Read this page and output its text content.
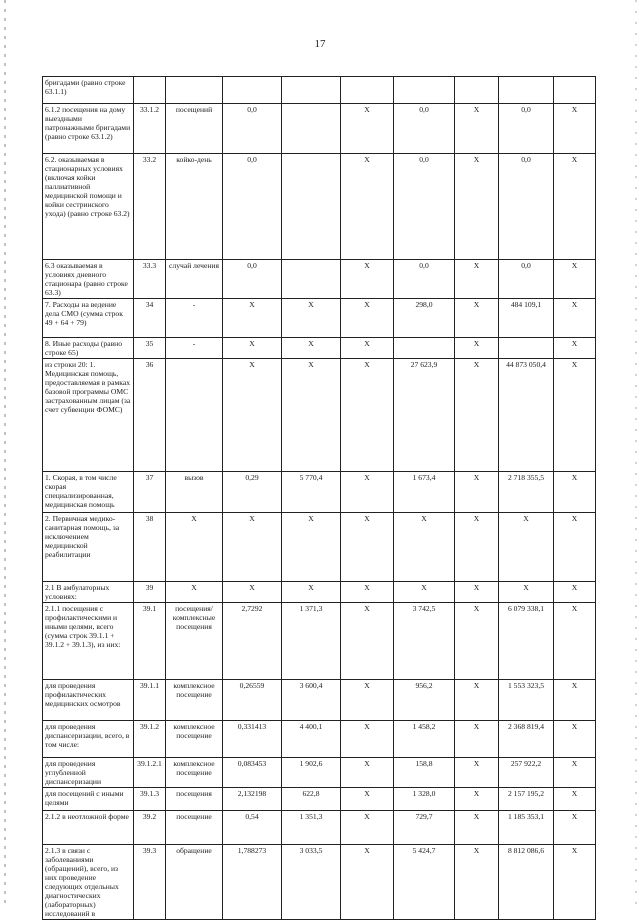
17
бригадами (равно строке 63.1.1)									
6.1.2 посещения на дому выездными патронажными бригадами (равно строке 63.1.2)	33.1.2	посещений	0,0		Х	0,0	Х	0,0	Х
6.2. оказываемая в стационарных условиях (включая койки паллиативной медицинской помощи и койки сестринского ухода) (равно строке 63.2)	33.2	койко-день	0,0		Х	0,0	Х	0,0	Х
6.3 оказываемая в условиях дневного стационара (равно строке 63.3)	33.3	случай лечения	0,0		Х	0,0	Х	0,0	Х
7. Расходы на ведение дела СМО (сумма строк 49 + 64 + 79)	34	-	Х	Х	Х	298,0	Х	484 109,1	Х
8. Иные расходы (равно строке 65)	35	-	Х	Х	Х		Х		Х
из строки 20: 1. Медицинская помощь, предоставляемая в рамках базовой программы ОМС застрахованным лицам (за счет субвенции ФОМС)	36		Х	Х	Х	27 623,9	Х	44 873 050,4	Х
1. Скорая, в том числе скорая специализированная, медицинская помощь	37	вызов	0,29	5 770,4	Х	1 673,4	Х	2 718 355,5	Х
2. Первичная медико-санитарная помощь, за исключением медицинской реабилитации	38	Х	Х	Х	Х	Х	Х	Х	Х
2.1 В амбулаторных условиях:	39	Х	Х	Х	Х	Х	Х	Х	Х
2.1.1 посещения с профилактическими и иными целями, всего (сумма строк 39.1.1 + 39.1.2 + 39.1.3), из них:	39.1	посещения/комплексные посещения	2,7292	1 371,3	Х	3 742,5	Х	6 079 338,1	Х
для проведения профилактических медицинских осмотров	39.1.1	комплексное посещение	0,26559	3 600,4	Х	956,2	Х	1 553 323,5	Х
для проведения диспансеризации, всего, в том числе:	39.1.2	комплексное посещение	0,331413	4 400,1	Х	1 458,2	Х	2 368 819,4	Х
для проведения углубленной диспансеризации	39.1.2.1	комплексное посещение	0,083453	1 902,6	Х	158,8	Х	257 922,2	Х
для посещений с иными целями	39.1.3	посещения	2,132198	622,8	Х	1 328,0	Х	2 157 195,2	Х
2.1.2 в неотложной форме	39.2	посещение	0,54	1 351,3	Х	729,7	Х	1 185 353,1	Х
2.1.3 в связи с заболеваниями (обращений), всего, из них проведение следующих отдельных диагностических (лабораторных) исследований в	39.3	обращение	1,788273	3 033,5	Х	5 424,7	Х	8 812 086,6	Х
